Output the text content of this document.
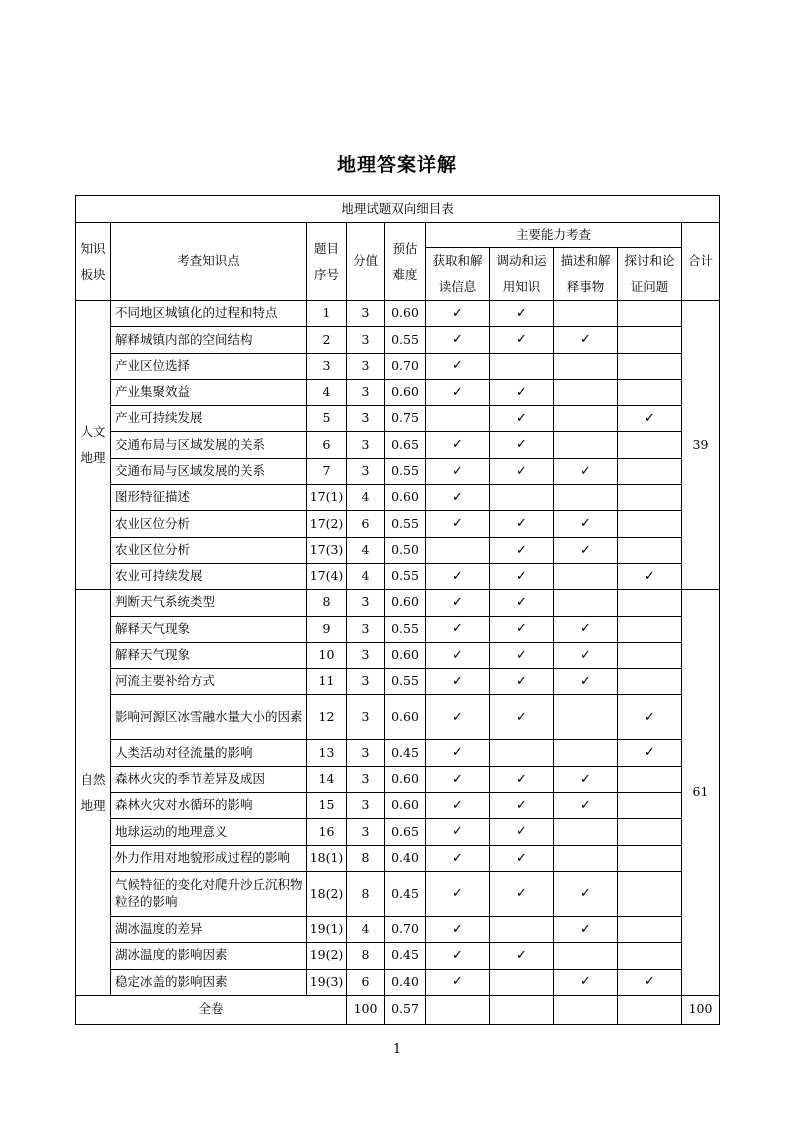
地理答案详解
地理试题双向细目表									
知识板块	考查知识点	题目序号	分值	预估难度	主要能力考查				合计
					获取和解读信息	调动和运用知识	描述和解释事物	探讨和论证问题	
人文地理	不同地区城镇化的过程和特点	1	3	0.60	✓	✓			39
	解释城镇内部的空间结构	2	3	0.55	✓	✓	✓		
	产业区位选择	3	3	0.70	✓				
	产业集聚效益	4	3	0.60	✓	✓			
	产业可持续发展	5	3	0.75		✓		✓	
	交通布局与区域发展的关系	6	3	0.65	✓	✓			
	交通布局与区域发展的关系	7	3	0.55	✓	✓	✓		
	图形特征描述	17(1)	4	0.60	✓				
	农业区位分析	17(2)	6	0.55	✓	✓	✓		
	农业区位分析	17(3)	4	0.50		✓	✓		
	农业可持续发展	17(4)	4	0.55	✓	✓		✓	
自然地理	判断天气系统类型	8	3	0.60	✓	✓			61
	解释天气现象	9	3	0.55	✓	✓	✓		
	解释天气现象	10	3	0.60	✓	✓	✓		
	河流主要补给方式	11	3	0.55	✓	✓	✓		
	影响河源区冰雪融水量大小的因素	12	3	0.60	✓	✓		✓	
	人类活动对径流量的影响	13	3	0.45	✓			✓	
	森林火灾的季节差异及成因	14	3	0.60	✓	✓	✓		
	森林火灾对水循环的影响	15	3	0.60	✓	✓	✓		
	地球运动的地理意义	16	3	0.65	✓	✓			
	外力作用对地貌形成过程的影响	18(1)	8	0.40	✓	✓			
	气候特征的变化对爬升沙丘沉积物粒径的影响	18(2)	8	0.45	✓	✓	✓		
	湖冰温度的差异	19(1)	4	0.70	✓		✓		
	湖冰温度的影响因素	19(2)	8	0.45	✓	✓			
	稳定冰盖的影响因素	19(3)	6	0.40	✓		✓	✓	
全卷			100	0.57					100
1
